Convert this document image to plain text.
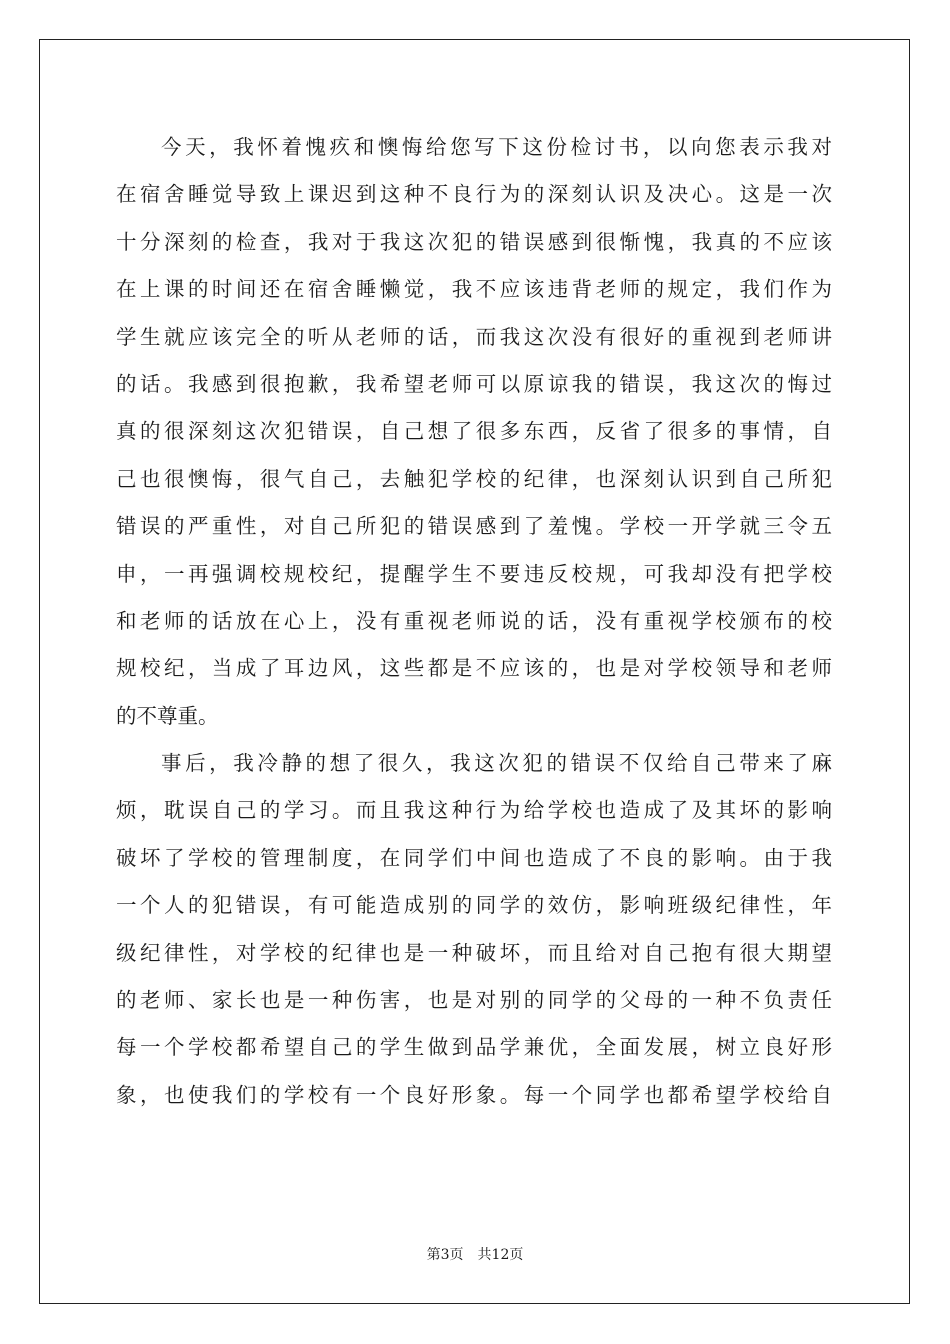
今天，我怀着愧疚和懊悔给您写下这份检讨书，以向您表示我对
在宿舍睡觉导致上课迟到这种不良行为的深刻认识及决心。这是一次
十分深刻的检查，我对于我这次犯的错误感到很惭愧，我真的不应该
在上课的时间还在宿舍睡懒觉，我不应该违背老师的规定，我们作为
学生就应该完全的听从老师的话，而我这次没有很好的重视到老师讲
的话。我感到很抱歉，我希望老师可以原谅我的错误，我这次的悔过
真的很深刻这次犯错误，自己想了很多东西，反省了很多的事情，自
己也很懊悔，很气自己，去触犯学校的纪律，也深刻认识到自己所犯
错误的严重性，对自己所犯的错误感到了羞愧。学校一开学就三令五
申，一再强调校规校纪，提醒学生不要违反校规，可我却没有把学校
和老师的话放在心上，没有重视老师说的话，没有重视学校颁布的校
规校纪，当成了耳边风，这些都是不应该的，也是对学校领导和老师
的不尊重。
事后，我冷静的想了很久，我这次犯的错误不仅给自己带来了麻
烦，耽误自己的学习。而且我这种行为给学校也造成了及其坏的影响
破坏了学校的管理制度，在同学们中间也造成了不良的影响。由于我
一个人的犯错误，有可能造成别的同学的效仿，影响班级纪律性，年
级纪律性，对学校的纪律也是一种破坏，而且给对自己抱有很大期望
的老师、家长也是一种伤害，也是对别的同学的父母的一种不负责任
每一个学校都希望自己的学生做到品学兼优，全面发展，树立良好形
象，也使我们的学校有一个良好形象。每一个同学也都希望学校给自
第3页 共12页
